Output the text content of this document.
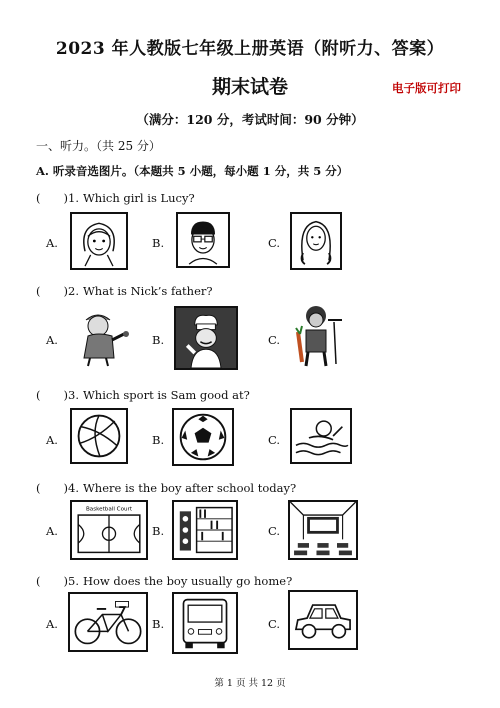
2023 年人教版七年级上册英语（附听力、答案）
期末试卷	电子版可打印
（满分：120 分，考试时间：90 分钟）
一、听力。（共 25 分）
A. 听录音选图片。（本题共 5 小题，每小题 1 分，共 5 分）
(　　)1. Which girl is Lucy?
A.	B.	C.
(　　)2. What is Nick’s father?
A.	B.	C.
(　　)3. Which sport is Sam good at?
A.	B.	C.
(　　)4. Where is the boy after school today?
A.
Basketball Court
B.	C.
(　　)5. How does the boy usually go home?
A.	B.	C.
第 1 页 共 12 页
